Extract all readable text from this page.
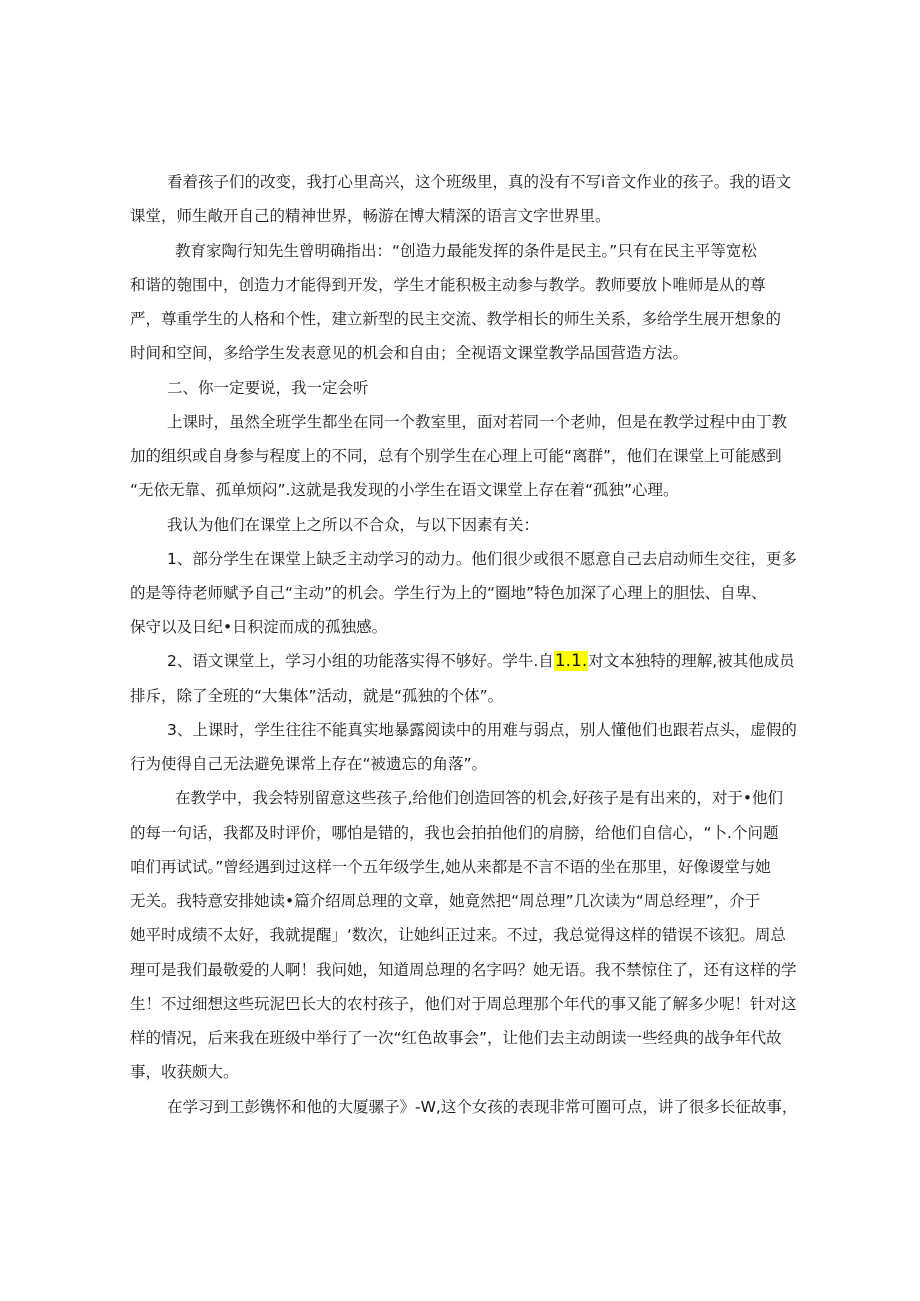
看着孩子们的改变，我打心里高兴，这个班级里，真的没有不写i音文作业的孩子。我的语文
课堂，师生敞开自己的精神世界，畅游在博大精深的语言文字世界里。
教育家陶行知先生曾明确指出：“创造力最能发挥的条件是民主。”只有在民主平等宽松
和谐的匏围中，创造力才能得到开发，学生才能积极主动参与教学。教师要放卜唯师是从的尊
严，尊重学生的人格和个性，建立新型的民主交流、教学相长的师生关系，多给学生展开想象的
时间和空间，多给学生发表意见的机会和自由；全视语文课堂教学品国营造方法。
二、你一定要说，我一定会听
上课时，虽然全班学生都坐在同一个教室里，面对若同一个老帅，但是在教学过程中由丁教
加的组织或自身参与程度上的不同，总有个别学生在心理上可能“离群”，他们在课堂上可能感到
“无依无靠、孤单烦闷”.这就是我发现的小学生在语文课堂上存在着“孤独”心理。
我认为他们在课堂上之所以不合众，与以下因素有关：
1、部分学生在课堂上缺乏主动学习的动力。他们很少或很不愿意自己去启动师生交往，更多
的是等待老师赋予自己“主动”的机会。学生行为上的“圈地”特色加深了心理上的胆怯、自卑、
保守以及日纪•日积淀而成的孤独感。
2、语文课堂上，学习小组的功能落实得不够好。学牛.自1.1.对文本独特的理解,被其他成员
排斥，除了全班的“大集体”活动，就是“孤独的个体”。
3、上课时，学生往往不能真实地暴露阅读中的用难与弱点，别人懂他们也跟若点头，虚假的
行为使得自己无法避免课常上存在“被遗忘的角落”。
在教学中，我会特别留意这些孩子,给他们创造回答的机会,好孩子是有出来的，对于•他们
的每一句话，我都及时评价，哪怕是错的，我也会拍拍他们的肩膀，给他们自信心，“卜.个问题
咱们再试试。”曾经遇到过这样一个五年级学生,她从来都是不言不语的坐在那里，好像谡堂与她
无关。我特意安排她读•篇介绍周总理的文章，她竟然把“周总理”几次读为“周总经理”，介于
她平时成绩不太好，我就提醒」‘数次，让她纠正过来。不过，我总觉得这样的错误不该犯。周总
理可是我们最敬爱的人啊！我问她，知道周总理的名字吗？她无语。我不禁惊住了，还有这样的学
生！不过细想这些玩泥巴长大的农村孩子，他们对于周总理那个年代的事又能了解多少呢！针对这
样的情况，后来我在班级中举行了一次“红色故事会”，让他们去主动朗读一些经典的战争年代故
事，收获颇大。
在学习到工彭镌怀和他的大厦骡子》-W,这个女孩的表现非常可圈可点，讲了很多长征故事，
